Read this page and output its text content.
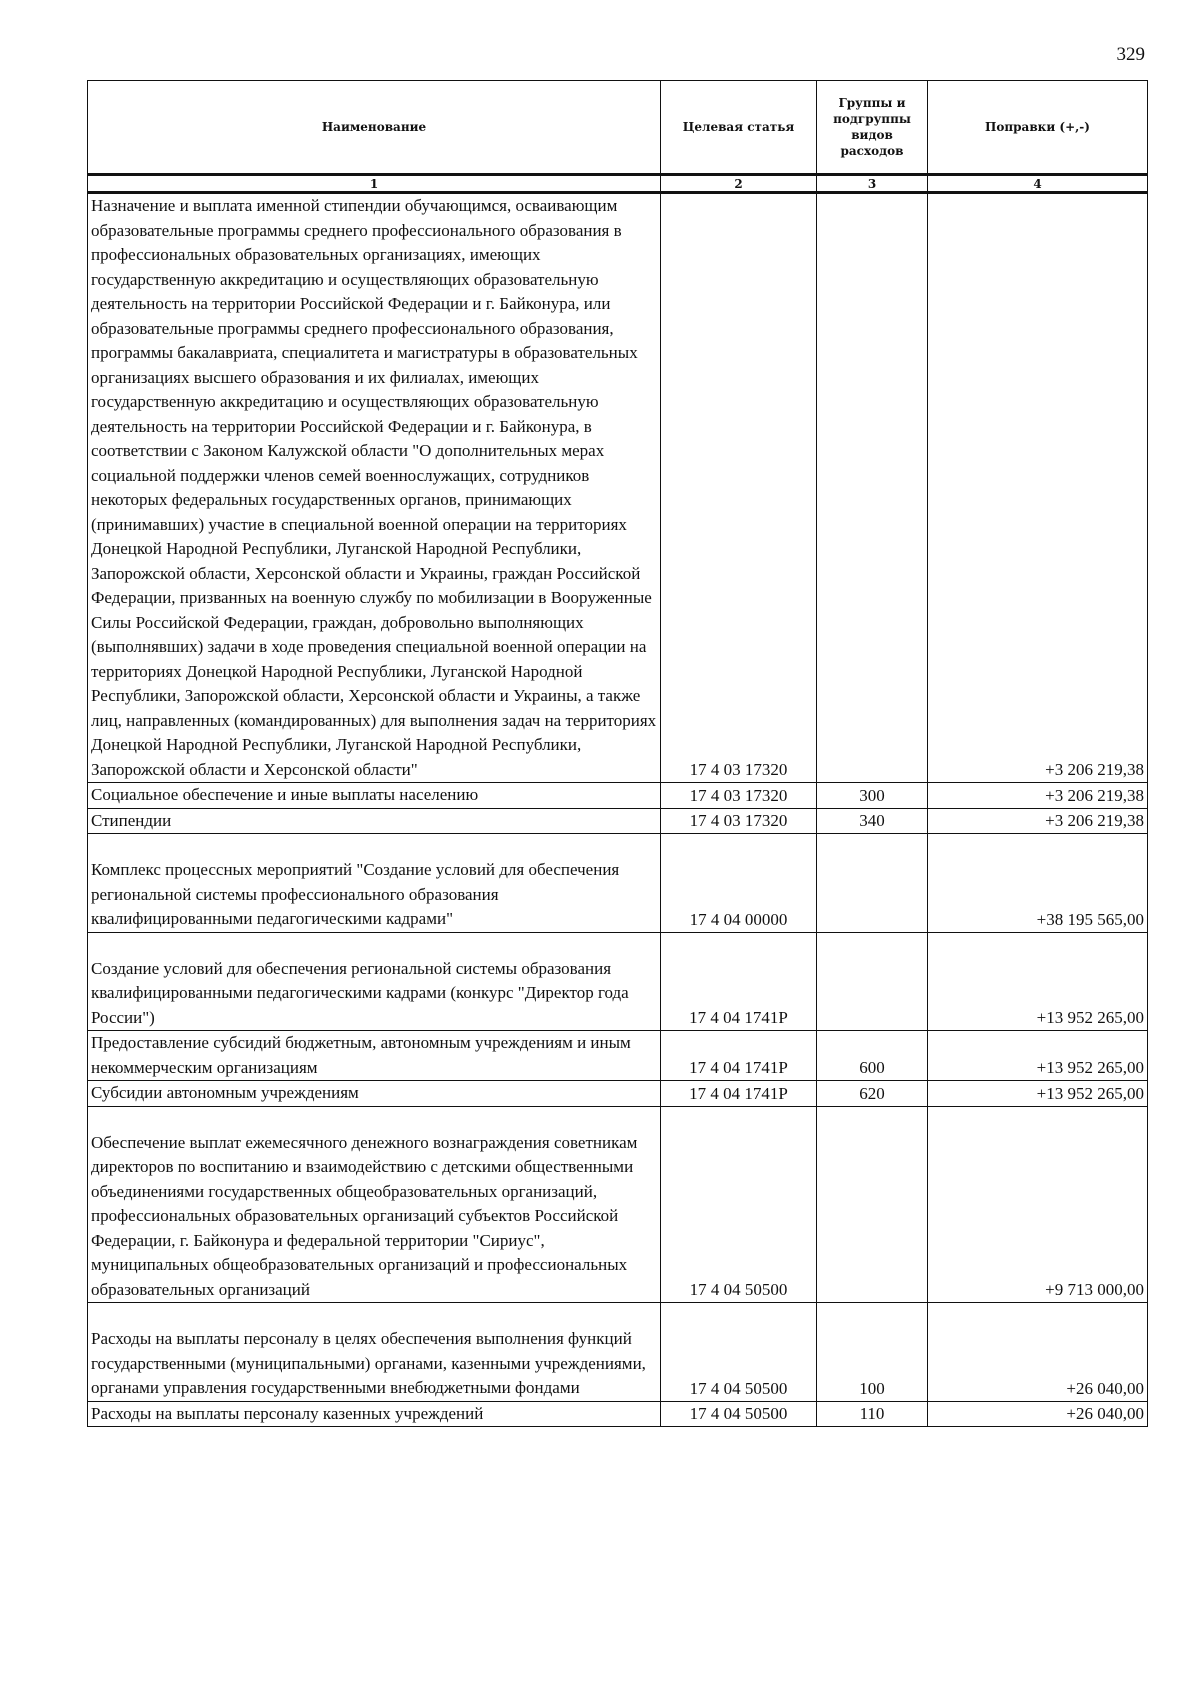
329
Наименование	Целевая статья	Группы и подгруппы видов расходов	Поправки (+,-)
1	2	3	4
Назначение и выплата именной стипендии обучающимся, осваивающим образовательные программы среднего профессионального образования в профессиональных образовательных организациях, имеющих государственную аккредитацию и осуществляющих образовательную деятельность на территории Российской Федерации и г. Байконура, или образовательные программы среднего профессионального образования, программы бакалавриата, специалитета и магистратуры в образовательных организациях высшего образования и их филиалах, имеющих государственную аккредитацию и осуществляющих образовательную деятельность на территории Российской Федерации и г. Байконура, в соответствии с Законом Калужской области "О дополнительных мерах социальной поддержки членов семей военнослужащих, сотрудников некоторых федеральных государственных органов, принимающих (принимавших) участие в специальной военной операции на территориях Донецкой Народной Республики, Луганской Народной Республики, Запорожской области, Херсонской области и Украины, граждан Российской Федерации, призванных на военную службу по мобилизации в Вооруженные Силы Российской Федерации, граждан, добровольно выполняющих (выполнявших) задачи в ходе проведения специальной военной операции на территориях Донецкой Народной Республики, Луганской Народной Республики, Запорожской области, Херсонской области и Украины, а также лиц, направленных (командированных) для выполнения задач на территориях Донецкой Народной Республики, Луганской Народной Республики, Запорожской области и Херсонской области"	17 4 03 17320		+3 206 219,38
Социальное обеспечение и иные выплаты населению	17 4 03 17320	300	+3 206 219,38
Стипендии	17 4 03 17320	340	+3 206 219,38
Комплекс процессных мероприятий "Создание условий для обеспечения региональной системы профессионального образования квалифицированными педагогическими кадрами"	17 4 04 00000		+38 195 565,00
Создание условий для обеспечения региональной системы образования квалифицированными педагогическими кадрами (конкурс "Директор года России")	17 4 04 1741Р		+13 952 265,00
Предоставление субсидий бюджетным, автономным учреждениям и иным некоммерческим организациям	17 4 04 1741Р	600	+13 952 265,00
Субсидии автономным учреждениям	17 4 04 1741Р	620	+13 952 265,00
Обеспечение выплат ежемесячного денежного вознаграждения советникам директоров по воспитанию и взаимодействию с детскими общественными объединениями государственных общеобразовательных организаций, профессиональных образовательных организаций субъектов Российской Федерации, г. Байконура и федеральной территории "Сириус", муниципальных общеобразовательных организаций и профессиональных образовательных организаций	17 4 04 50500		+9 713 000,00
Расходы на выплаты персоналу в целях обеспечения выполнения функций государственными (муниципальными) органами, казенными учреждениями, органами управления государственными внебюджетными фондами	17 4 04 50500	100	+26 040,00
Расходы на выплаты персоналу казенных учреждений	17 4 04 50500	110	+26 040,00
